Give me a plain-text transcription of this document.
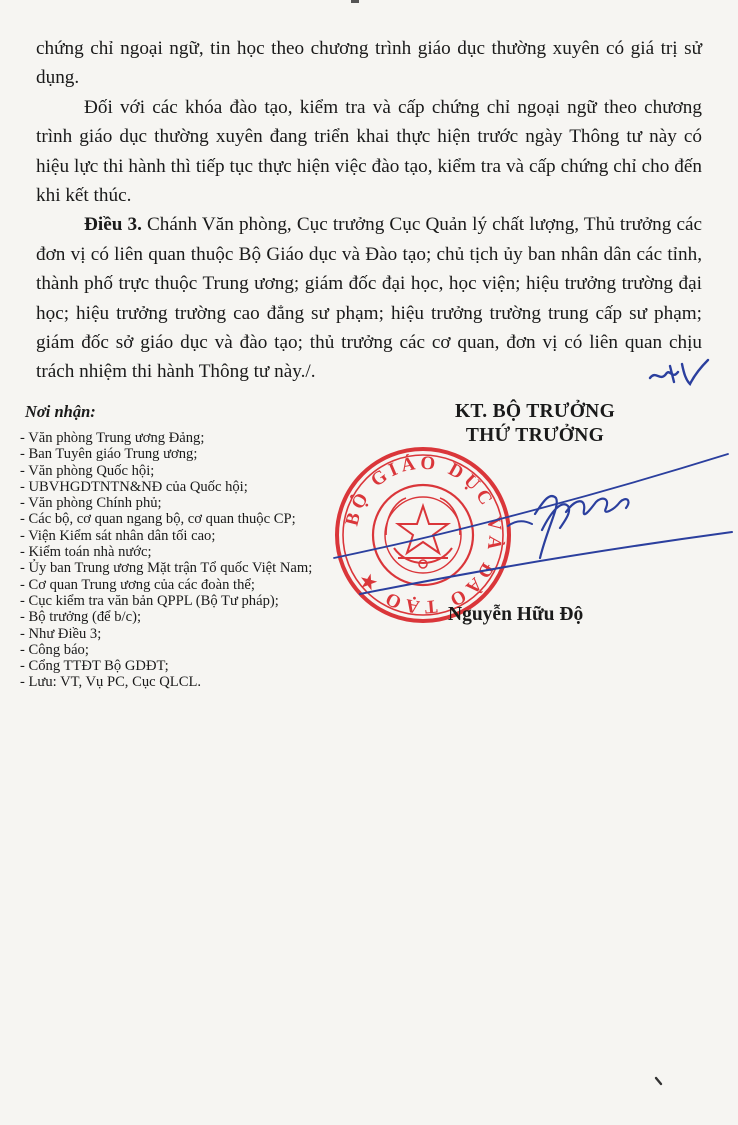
chứng chỉ ngoại ngữ, tin học theo chương trình giáo dục thường xuyên có giá trị sử dụng.

Đối với các khóa đào tạo, kiểm tra và cấp chứng chỉ ngoại ngữ theo chương trình giáo dục thường xuyên đang triển khai thực hiện trước ngày Thông tư này có hiệu lực thi hành thì tiếp tục thực hiện việc đào tạo, kiểm tra và cấp chứng chỉ cho đến khi kết thúc.

Điều 3. Chánh Văn phòng, Cục trưởng Cục Quản lý chất lượng, Thủ trưởng các đơn vị có liên quan thuộc Bộ Giáo dục và Đào tạo; chủ tịch ủy ban nhân dân các tỉnh, thành phố trực thuộc Trung ương; giám đốc đại học, học viện; hiệu trưởng trường đại học; hiệu trưởng trường cao đẳng sư phạm; hiệu trưởng trường trung cấp sư phạm; giám đốc sở giáo dục và đào tạo; thủ trưởng các cơ quan, đơn vị có liên quan chịu trách nhiệm thi hành Thông tư này./.

Nơi nhận:
- Văn phòng Trung ương Đảng;
- Ban Tuyên giáo Trung ương;
- Văn phòng Quốc hội;
- UBVHGDTNTN&NĐ của Quốc hội;
- Văn phòng Chính phủ;
- Các bộ, cơ quan ngang bộ, cơ quan thuộc CP;
- Viện Kiểm sát nhân dân tối cao;
- Kiểm toán nhà nước;
- Ủy ban Trung ương Mặt trận Tổ quốc Việt Nam;
- Cơ quan Trung ương của các đoàn thể;
- Cục kiểm tra văn bản QPPL (Bộ Tư pháp);
- Bộ trưởng (để b/c);
- Như Điều 3;
- Công báo;
- Cổng TTĐT Bộ GDĐT;
- Lưu: VT, Vụ PC, Cục QLCL.
KT. BỘ TRƯỞNG
THỨ TRƯỞNG
BỘ GIÁO DỤC VÀ ĐÀO TẠO ★
Nguyễn Hữu Độ
